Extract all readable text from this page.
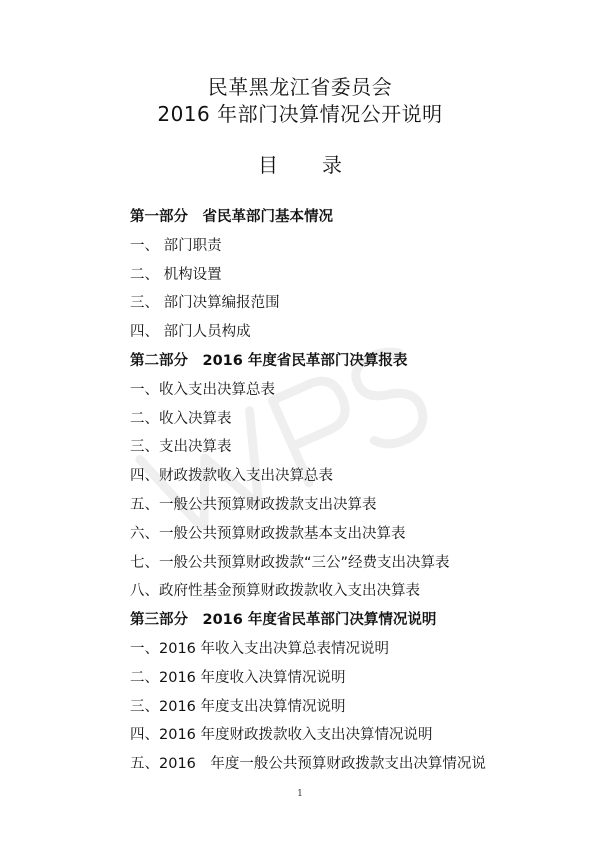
民革黑龙江省委员会
2016 年部门决算情况公开说明
目 录
第一部分　省民革部门基本情况
一、 部门职责
二、 机构设置
三、 部门决算编报范围
四、 部门人员构成
第二部分　2016 年度省民革部门决算报表
一、收入支出决算总表
二、收入决算表
三、支出决算表
四、财政拨款收入支出决算总表
五、一般公共预算财政拨款支出决算表
六、一般公共预算财政拨款基本支出决算表
七、一般公共预算财政拨款“三公”经费支出决算表
八、政府性基金预算财政拨款收入支出决算表
第三部分　2016 年度省民革部门决算情况说明
一、2016 年收入支出决算总表情况说明
二、2016 年度收入决算情况说明
三、2016 年度支出决算情况说明
四、2016 年度财政拨款收入支出决算情况说明
五、2016　年度一般公共预算财政拨款支出决算情况说
1
